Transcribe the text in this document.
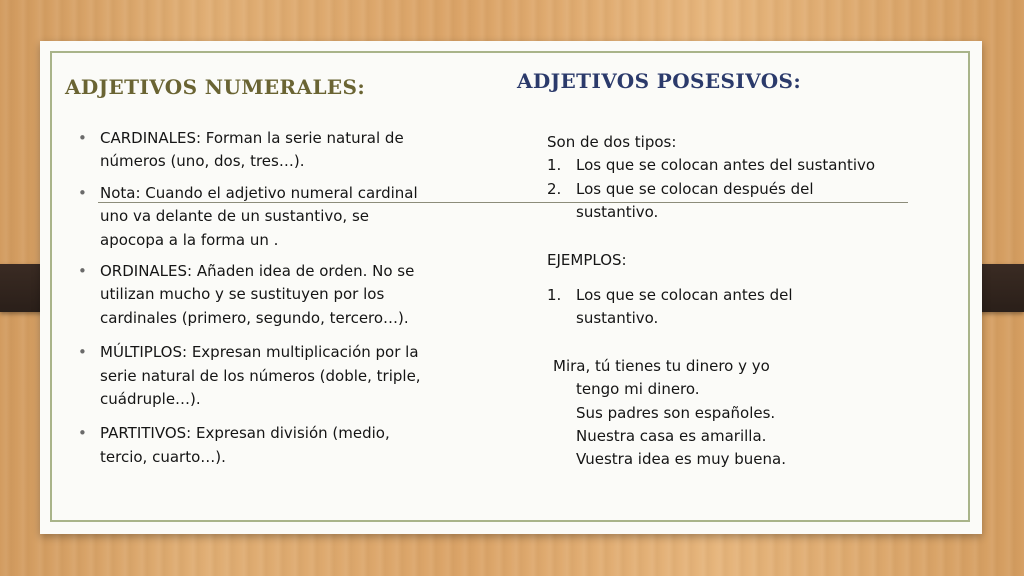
ADJETIVOS NUMERALES:	ADJETIVOS POSESIVOS:
• CARDINALES: Forman la serie natural de números (uno, dos, tres…).
• Nota: Cuando el adjetivo numeral cardinal uno va delante de un sustantivo, se apocopa a la forma un .
• ORDINALES: Añaden idea de orden. No se utilizan mucho y se sustituyen por los cardinales (primero, segundo, tercero…).
• MÚLTIPLOS: Expresan multiplicación por la serie natural de los números (doble, triple, cuádruple…).
• PARTITIVOS: Expresan división (medio, tercio, cuarto…).
Son de dos tipos:
1. Los que se colocan antes del sustantivo
2. Los que se colocan después del sustantivo.
EJEMPLOS:
1. Los que se colocan antes del sustantivo.
Mira, tú tienes tu dinero y yo
tengo mi dinero.
Sus padres son españoles.
Nuestra casa es amarilla.
Vuestra idea es muy buena.
